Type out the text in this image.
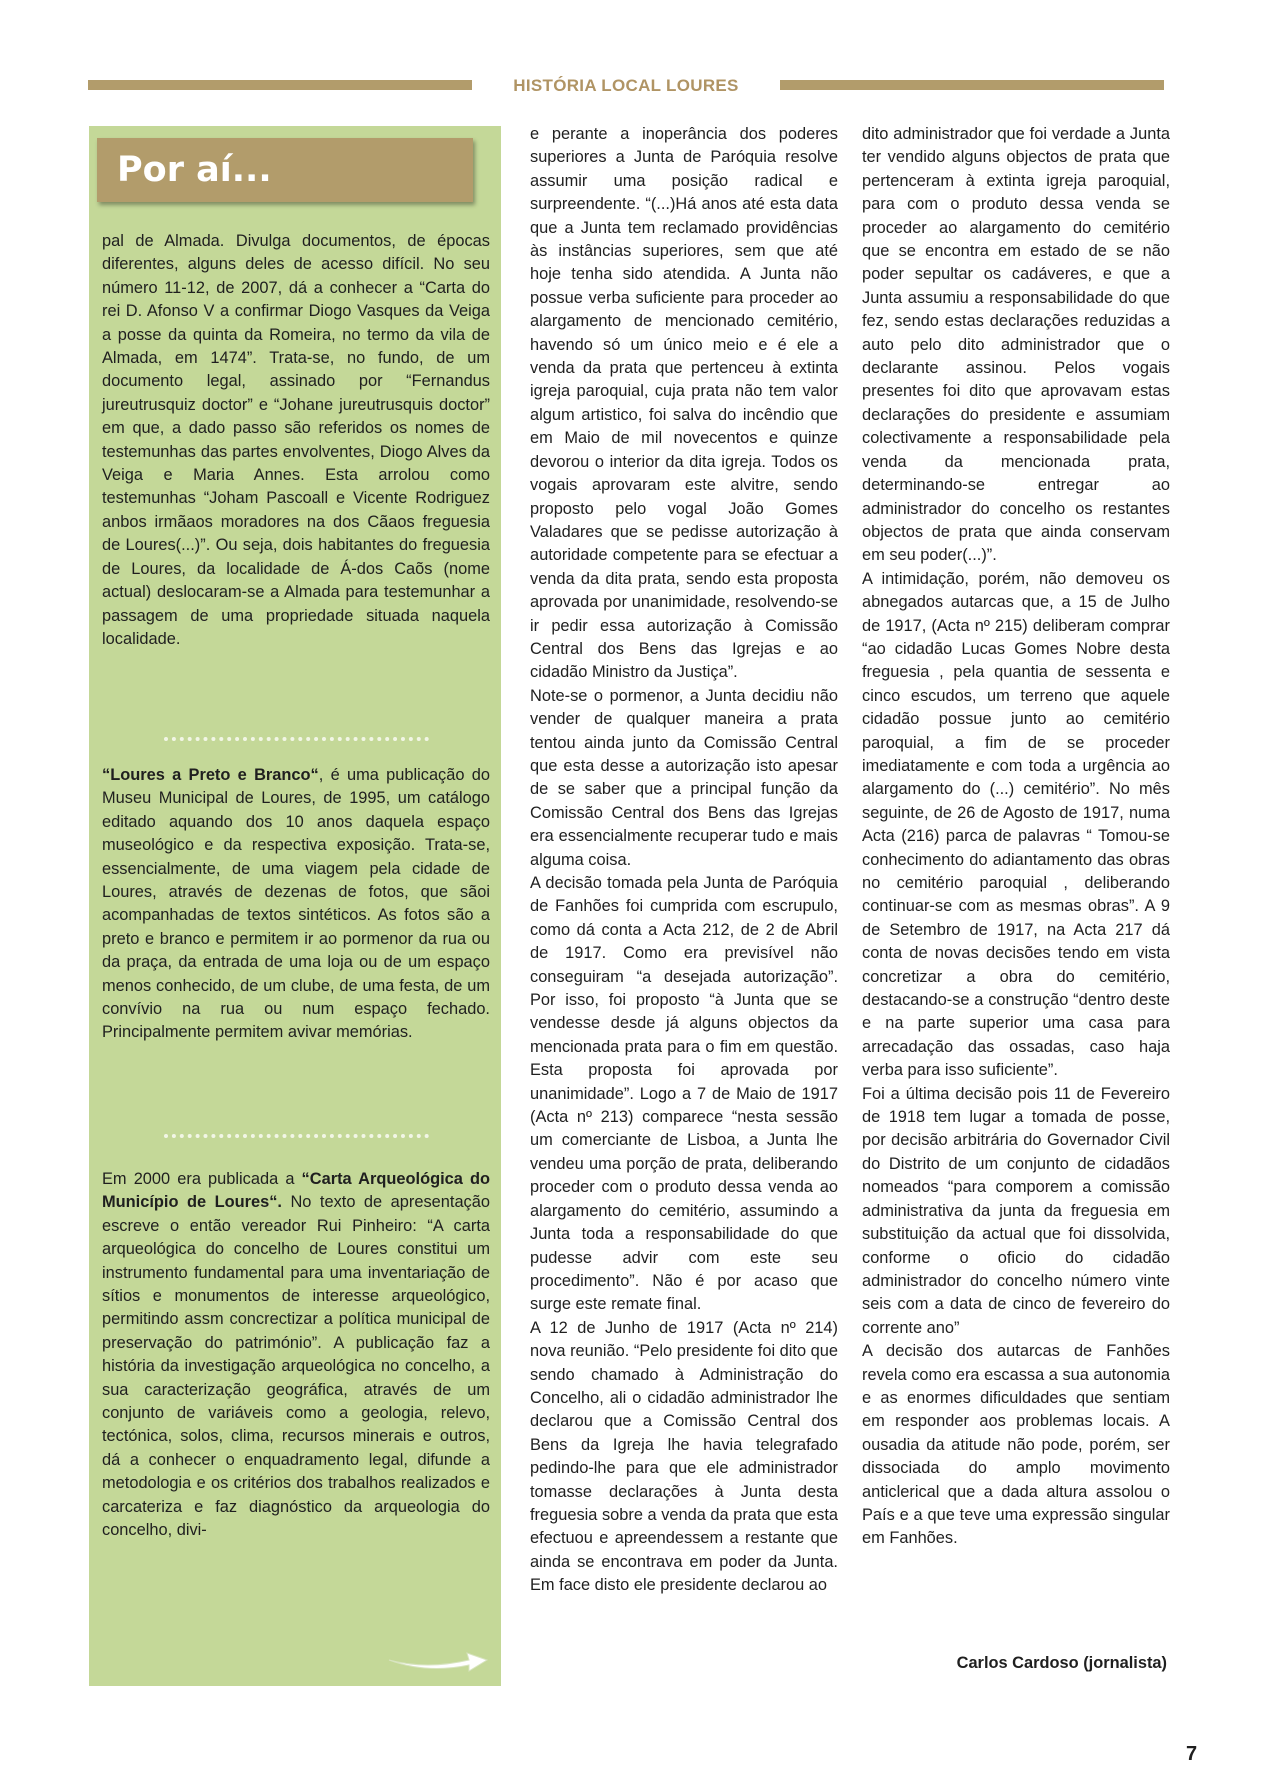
HISTÓRIA LOCAL LOURES
Por aí...

pal de Almada. Divulga documentos, de épocas diferentes, alguns deles de acesso difícil. No seu número 11-12, de 2007, dá a conhecer a “Carta do rei D. Afonso V a confirmar Diogo Vasques da Veiga a posse da quinta da Romeira, no termo da vila de Almada, em 1474”. Trata-se, no fundo, de um documento legal, assinado por “Fernandus jureutrusquiz doctor” e “Johane jureutrusquis doctor” em que, a dado passo são referidos os nomes de testemunhas das partes envolventes, Diogo Alves da Veiga e Maria Annes. Esta arrolou como testemunhas “Joham Pascoall e Vicente Rodriguez anbos irmãaos moradores na dos Cãaos freguesia de Loures(...)”. Ou seja, dois habitantes do freguesia de Loures, da localidade de Á-dos Caõs (nome actual) deslocaram-se a Almada para testemunhar a passagem de uma propriedade situada naquela localidade.

“Loures a Preto e Branco“, é uma publicação do Museu Municipal de Loures, de 1995, um catálogo editado aquando dos 10 anos daquela espaço museológico e da respectiva exposição. Trata-se, essencialmente, de uma viagem pela cidade de Loures, através de dezenas de fotos, que sãoi acompanhadas de textos sintéticos. As fotos são a preto e branco e permitem ir ao pormenor da rua ou da praça, da entrada de uma loja ou de um espaço menos conhecido, de um clube, de uma festa, de um convívio na rua ou num espaço fechado. Principalmente permitem avivar memórias.

Em 2000 era publicada a “Carta Arqueológica do Município de Loures“. No texto de apresentação escreve o então vereador Rui Pinheiro: “A carta arqueológica do concelho de Loures constitui um instrumento fundamental para uma inventariação de sítios e monumentos de interesse arqueológico, permitindo assm concrectizar a política municipal de preservação do património”. A publicação faz a história da investigação arqueológica no concelho, a sua caracterização geográfica, através de um conjunto de variáveis como a geologia, relevo, tectónica, solos, clima, recursos minerais e outros, dá a conhecer o enquadramento legal, difunde a metodologia e os critérios dos trabalhos realizados e carcateriza e faz diagnóstico da arqueologia do concelho, divi-

e perante a inoperância dos poderes superiores a Junta de Paróquia resolve assumir uma posição radical e surpreendente. “(...)Há anos até esta data que a Junta tem reclamado providências às instâncias superiores, sem que até hoje tenha sido atendida. A Junta não possue verba suficiente para proceder ao alargamento de mencionado cemitério, havendo só um único meio e é ele a venda da prata que pertenceu à extinta igreja paroquial, cuja prata não tem valor algum artistico, foi salva do incêndio que em Maio de mil novecentos e quinze devorou o interior da dita igreja. Todos os vogais aprovaram este alvitre, sendo proposto pelo vogal João Gomes Valadares que se pedisse autorização à autoridade competente para se efectuar a venda da dita prata, sendo esta proposta aprovada por unanimidade, resolvendo-se ir pedir essa autorização à Comissão Central dos Bens das Igrejas e ao cidadão Ministro da Justiça”.

Note-se o pormenor, a Junta decidiu não vender de qualquer maneira a prata tentou ainda junto da Comissão Central que esta desse a autorização isto apesar de se saber que a principal função da Comissão Central dos Bens das Igrejas era essencialmente recuperar tudo e mais alguma coisa.

A decisão tomada pela Junta de Paróquia de Fanhões foi cumprida com escrupulo, como dá conta a Acta 212, de 2 de Abril de 1917. Como era previsível não conseguiram “a desejada autorização”. Por isso, foi proposto “à Junta que se vendesse desde já alguns objectos da mencionada prata para o fim em questão. Esta proposta foi aprovada por unanimidade”. Logo a 7 de Maio de 1917 (Acta nº 213) comparece “nesta sessão um comerciante de Lisboa, a Junta lhe vendeu uma porção de prata, deliberando proceder com o produto dessa venda ao alargamento do cemitério, assumindo a Junta toda a responsabilidade do que pudesse advir com este seu procedimento”. Não é por acaso que surge este remate final.

A 12 de Junho de 1917 (Acta nº 214) nova reunião. “Pelo presidente foi dito que sendo chamado à Administração do Concelho, ali o cidadão administrador lhe declarou que a Comissão Central dos Bens da Igreja lhe havia telegrafado pedindo-lhe para que ele administrador tomasse declarações à Junta desta freguesia sobre a venda da prata que esta efectuou e apreendessem a restante que ainda se encontrava em poder da Junta. Em face disto ele presidente declarou ao

dito administrador que foi verdade a Junta ter vendido alguns objectos de prata que pertenceram à extinta igreja paroquial, para com o produto dessa venda se proceder ao alargamento do cemitério que se encontra em estado de se não poder sepultar os cadáveres, e que a Junta assumiu a responsabilidade do que fez, sendo estas declarações reduzidas a auto pelo dito administrador que o declarante assinou. Pelos vogais presentes foi dito que aprovavam estas declarações do presidente e assumiam colectivamente a responsabilidade pela venda da mencionada prata, determinando-se entregar ao administrador do concelho os restantes objectos de prata que ainda conservam em seu poder(...)”.

A intimidação, porém, não demoveu os abnegados autarcas que, a 15 de Julho de 1917, (Acta nº 215) deliberam comprar “ao cidadão Lucas Gomes Nobre desta freguesia , pela quantia de sessenta e cinco escudos, um terreno que aquele cidadão possue junto ao cemitério paroquial, a fim de se proceder imediatamente e com toda a urgência ao alargamento do (...) cemitério”. No mês seguinte, de 26 de Agosto de 1917, numa Acta (216) parca de palavras “ Tomou-se conhecimento do adiantamento das obras no cemitério paroquial , deliberando continuar-se com as mesmas obras”. A 9 de Setembro de 1917, na Acta 217 dá conta de novas decisões tendo em vista concretizar a obra do cemitério, destacando-se a construção “dentro deste e na parte superior uma casa para arrecadação das ossadas, caso haja verba para isso suficiente”.

Foi a última decisão pois 11 de Fevereiro de 1918 tem lugar a tomada de posse, por decisão arbitrária do Governador Civil do Distrito de um conjunto de cidadãos nomeados “para comporem a comissão administrativa da junta da freguesia em substituição da actual que foi dissolvida, conforme o oficio do cidadão administrador do concelho número vinte seis com a data de cinco de fevereiro do corrente ano”

A decisão dos autarcas de Fanhões revela como era escassa a sua autonomia e as enormes dificuldades que sentiam em responder aos problemas locais. A ousadia da atitude não pode, porém, ser dissociada do amplo movimento anticlerical que a dada altura assolou o País e a que teve uma expressão singular em Fanhões.

Carlos Cardoso (jornalista)
7
